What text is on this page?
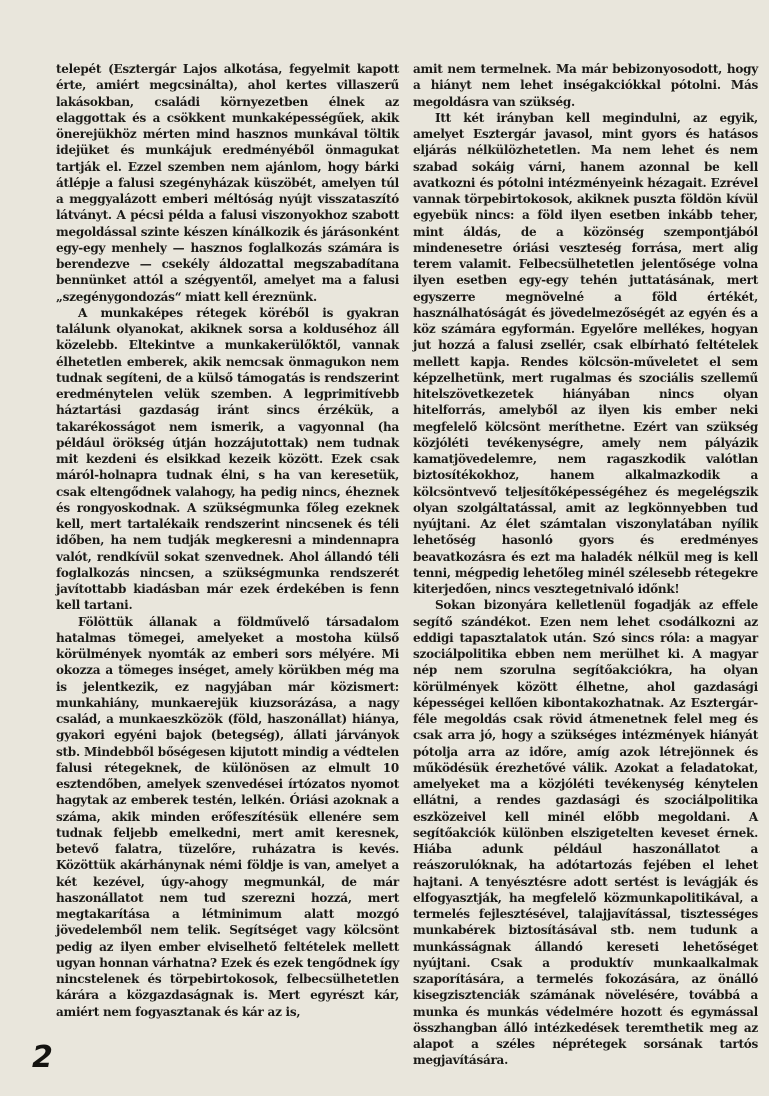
telepét (Esztergár Lajos alkotása, fegyelmit kapott érte, amiért megcsinálta), ahol kertes villaszerű lakásokban, családi környezetben élnek az elaggottak és a csökkent munkaképességűek, akik önerejükhöz mérten mind hasznos munkával töltik idejüket és munkájuk eredményéből önmagukat tartják el. Ezzel szemben nem ajánlom, hogy bárki átlépje a falusi szegényházak küszöbét, amelyen túl a meggyalázott emberi méltóság nyújt visszataszító látványt. A pécsi példa a falusi viszonyokhoz szabott megoldással szinte készen kínálkozik és járásonként egy-egy menhely — hasznos foglalkozás számára is berendezve — csekély áldozattal megszabadítana bennünket attól a szégyentől, amelyet ma a falusi „szegénygondozás“ miatt kell éreznünk.

A munkaképes rétegek köréből is gyakran találunk olyanokat, akiknek sorsa a kolduséhoz áll közelebb. Eltekintve a munkakerülőktől, vannak élhetetlen emberek, akik nemcsak önmagukon nem tudnak segíteni, de a külső támogatás is rendszerint eredménytelen velük szemben. A legprimitívebb háztartási gazdaság iránt sincs érzékük, a takarékosságot nem ismerik, a vagyonnal (ha például örökség útján hozzájutottak) nem tudnak mit kezdeni és elsikkad kezeik között. Ezek csak máról-holnapra tudnak élni, s ha van keresetük, csak eltengődnek valahogy, ha pedig nincs, éheznek és rongyoskodnak. A szükségmunka főleg ezeknek kell, mert tartalékaik rendszerint nincsenek és téli időben, ha nem tudják megkeresni a mindennapra valót, rendkívül sokat szenvednek. Ahol állandó téli foglalkozás nincsen, a szükségmunka rendszerét javítottabb kiadásban már ezek érdekében is fenn kell tartani.

Fölöttük állanak a földművelő társadalom hatalmas tömegei, amelyeket a mostoha külső körülmények nyomták az emberi sors mélyére. Mi okozza a tömeges inséget, amely körükben még ma is jelentkezik, ez nagyjában már közismert: munkahiány, munkaerejük kiuzsorázása, a nagy család, a munkaeszközök (föld, haszonállat) hiánya, gyakori egyéni bajok (betegség), állati járványok stb. Mindebből bőségesen kijutott mindig a védtelen falusi rétegeknek, de különösen az elmult 10 esztendőben, amelyek szenvedései írtózatos nyomot hagytak az emberek testén, lelkén. Óriási azoknak a száma, akik minden erőfeszítésük ellenére sem tudnak feljebb emelkedni, mert amit keresnek, betevő falatra, tüzelőre, ruházatra is kevés. Közöttük akárhánynak némi földje is van, amelyet a két kezével, úgy-ahogy megmunkál, de már haszonállatot nem tud szerezni hozzá, mert megtakarítása a létminimum alatt mozgó jövedelemből nem telik. Segítséget vagy kölcsönt pedig az ilyen ember elviselhető feltételek mellett ugyan honnan várhatna? Ezek és ezek tengődnek így nincstelenek és törpebirtokosok, felbecsülhetetlen kárára a közgazdaságnak is. Mert egyrészt kár, amiért nem fogyasztanak és kár az is,

amit nem termelnek. Ma már bebizonyosodott, hogy a hiányt nem lehet inségakciókkal pótolni. Más megoldásra van szükség.

Itt két irányban kell megindulni, az egyik, amelyet Esztergár javasol, mint gyors és hatásos eljárás nélkülözhetetlen. Ma nem lehet és nem szabad sokáig várni, hanem azonnal be kell avatkozni és pótolni intézményeink hézagait. Ezrével vannak törpebirtokosok, akiknek puszta földön kívül egyebük nincs: a föld ilyen esetben inkább teher, mint áldás, de a közönség szempontjából mindenesetre óriási veszteség forrása, mert alig terem valamit. Felbecsülhetetlen jelentősége volna ilyen esetben egy-egy tehén juttatásának, mert egyszerre megnövelné a föld értékét, használhatóságát és jövedelmezőségét az egyén és a köz számára egyformán. Egyelőre mellékes, hogyan jut hozzá a falusi zsellér, csak elbírható feltételek mellett kapja. Rendes kölcsön-műveletet el sem képzelhetünk, mert rugalmas és szociális szellemű hitelszövetkezetek hiányában nincs olyan hitelforrás, amelyből az ilyen kis ember neki megfelelő kölcsönt meríthetne. Ezért van szükség közjóléti tevékenységre, amely nem pályázik kamatjövedelemre, nem ragaszkodik valótlan biztosítékokhoz, hanem alkalmazkodik a kölcsöntvevő teljesítőképességéhez és megelégszik olyan szolgáltatással, amit az legkönnyebben tud nyújtani. Az élet számtalan viszonylatában nyílik lehetőség hasonló gyors és eredményes beavatkozásra és ezt ma haladék nélkül meg is kell tenni, mégpedig lehetőleg minél szélesebb rétegekre kiterjedően, nincs vesztegetnivaló időnk!

Sokan bizonyára kelletlenül fogadják az effele segítő szándékot. Ezen nem lehet csodálkozni az eddigi tapasztalatok után. Szó sincs róla: a magyar szociálpolitika ebben nem merülhet ki. A magyar nép nem szorulna segítőakciókra, ha olyan körülmények között élhetne, ahol gazdasági képességei kellően kibontakozhatnak. Az Esztergár-féle megoldás csak rövid átmenetnek felel meg és csak arra jó, hogy a szükséges intézmények hiányát pótolja arra az időre, amíg azok létrejönnek és működésük érezhetővé válik. Azokat a feladatokat, amelyeket ma a közjóléti tevékenység kénytelen ellátni, a rendes gazdasági és szociálpolitika eszközeivel kell minél előbb megoldani. A segítőakciók különben elszigetelten keveset érnek. Hiába adunk például haszonállatot a reászorulóknak, ha adótartozás fejében el lehet hajtani. A tenyésztésre adott sertést is levágják és elfogyasztják, ha megfelelő közmunkapolitikával, a termelés fejlesztésével, talajjavítással, tisztességes munkabérek biztosításával stb. nem tudunk a munkásságnak állandó kereseti lehetőséget nyújtani. Csak a produktív munkaalkalmak szaporítására, a termelés fokozására, az önálló kisegzisztenciák számának növelésére, továbbá a munka és munkás védelmére hozott és egymással összhangban álló intézkedések teremthetik meg az alapot a széles néprétegek sorsának tartós megjavítására.

2
